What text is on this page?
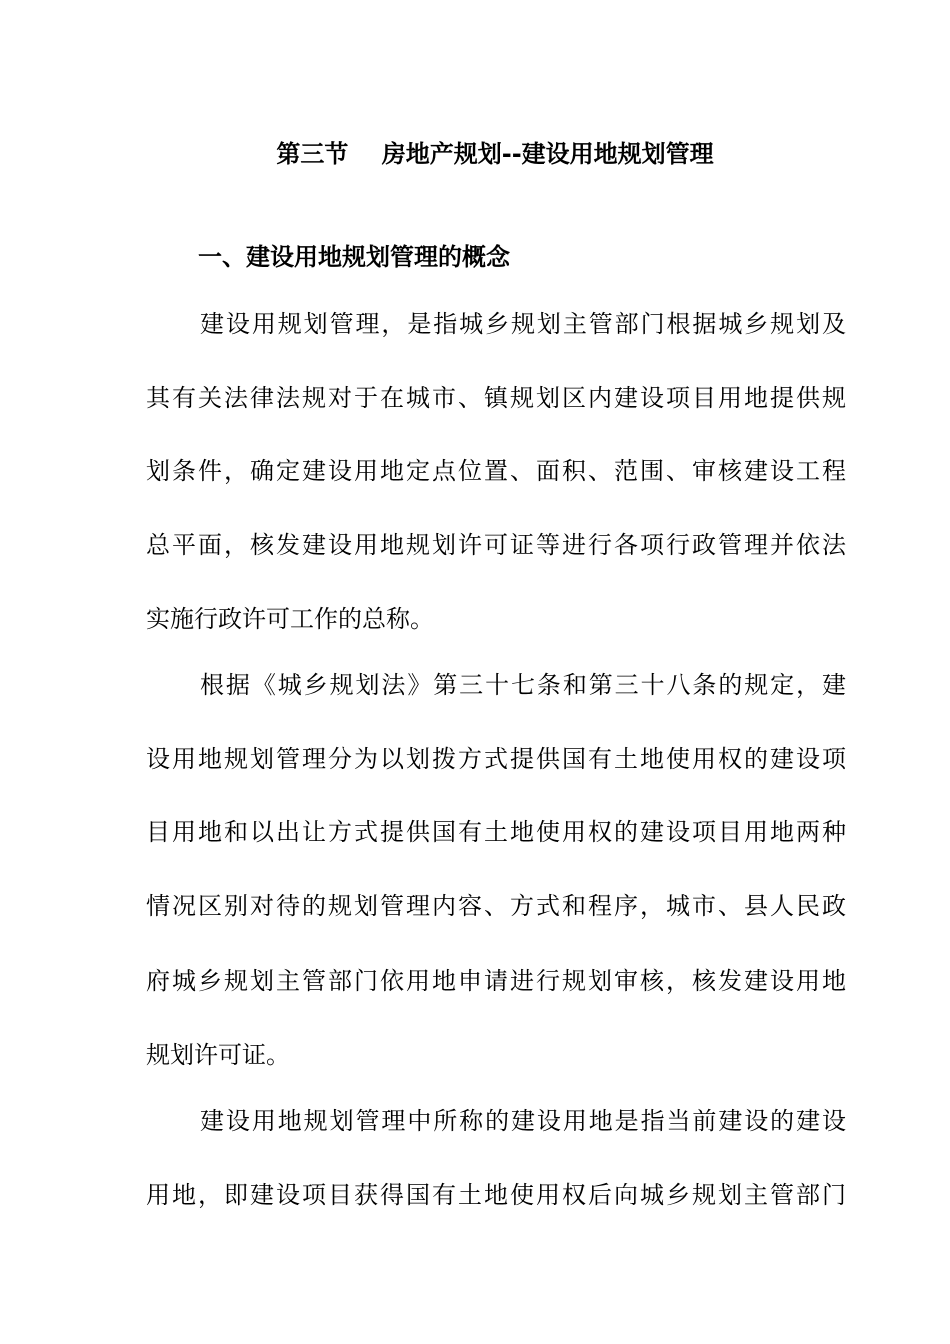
第三节    房地产规划--建设用地规划管理
一、建设用地规划管理的概念
建设用规划管理，是指城乡规划主管部门根据城乡规划及
其有关法律法规对于在城市、镇规划区内建设项目用地提供规
划条件，确定建设用地定点位置、面积、范围、审核建设工程
总平面，核发建设用地规划许可证等进行各项行政管理并依法
实施行政许可工作的总称。
根据《城乡规划法》第三十七条和第三十八条的规定，建
设用地规划管理分为以划拨方式提供国有土地使用权的建设项
目用地和以出让方式提供国有土地使用权的建设项目用地两种
情况区别对待的规划管理内容、方式和程序，城市、县人民政
府城乡规划主管部门依用地申请进行规划审核，核发建设用地
规划许可证。
建设用地规划管理中所称的建设用地是指当前建设的建设
用地，即建设项目获得国有土地使用权后向城乡规划主管部门
